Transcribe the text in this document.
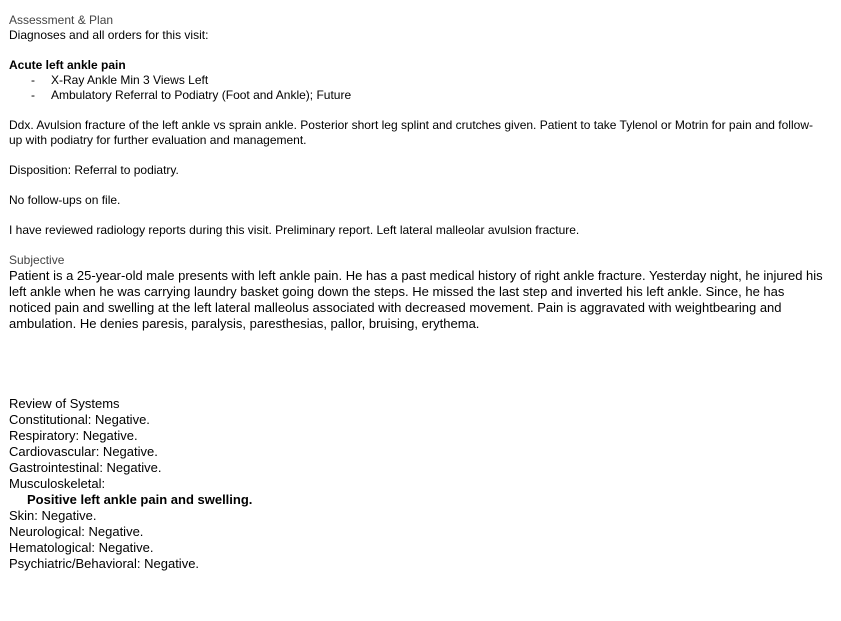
Assessment & Plan
Diagnoses and all orders for this visit:
Acute left ankle pain
- X-Ray Ankle Min 3 Views Left
- Ambulatory Referral to Podiatry (Foot and Ankle); Future
Ddx. Avulsion fracture of the left ankle vs sprain ankle. Posterior short leg splint and crutches given. Patient to take Tylenol or Motrin for pain and follow-up with podiatry for further evaluation and management.
Disposition: Referral to podiatry.
No follow-ups on file.
I have reviewed radiology reports during this visit. Preliminary report. Left lateral malleolar avulsion fracture.
Subjective
Patient is a 25-year-old male presents with left ankle pain. He has a past medical history of right ankle fracture. Yesterday night, he injured his left ankle when he was carrying laundry basket going down the steps. He missed the last step and inverted his left ankle. Since, he has noticed pain and swelling at the left lateral malleolus associated with decreased movement. Pain is aggravated with weightbearing and ambulation. He denies paresis, paralysis, paresthesias, pallor, bruising, erythema.
Review of Systems
Constitutional: Negative.
Respiratory: Negative.
Cardiovascular: Negative.
Gastrointestinal: Negative.
Musculoskeletal:
Positive left ankle pain and swelling.
Skin: Negative.
Neurological: Negative.
Hematological: Negative.
Psychiatric/Behavioral: Negative.
